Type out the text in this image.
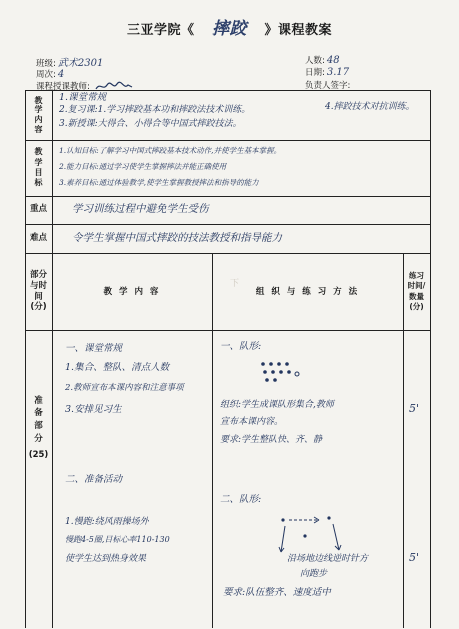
三亚学院《 摔跤 》课程教案
班级: 武术2301
周次: 4
课程授课教师:
人数: 48
日期: 3.17
负责人签字:
教学内容
教学目标
重点
难点
部分与时间(分)
教 学 内 容	组 织 与 练 习 方 法
练习时间/数量(分)
下
准备部分
(25)
1.课堂常规
2.复习课:1.学习摔跤基本功和摔跤法技术训练。
3.新授课:大得合、小得合等中国式摔跤技法。
4.摔跤技术对抗训练。
1.认知目标:了解学习中国式摔跤基本技术动作,并使学生基本掌握。
2.能力目标:通过学习使学生掌握摔法并能正确使用
3.素养目标:通过体验教学,使学生掌握教授摔法和指导的能力
学习训练过程中避免学生受伤
令学生掌握中国式摔跤的技法教授和指导能力
一、课堂常规
1.集合、整队、清点人数
2.教师宣布本课内容和注意事项
3.安排见习生
二、准备活动
1.慢跑:绕风雨操场外
慢跑4-5圈,目标心率110-130
使学生达到热身效果
一、队形:
组织:学生成课队形集合,教师
宣布本课内容。
要求:学生整队快、齐、静
二、队形:
沿场地边线逆时针方
向跑步
要求:队伍整齐、速度适中
5'
5'
